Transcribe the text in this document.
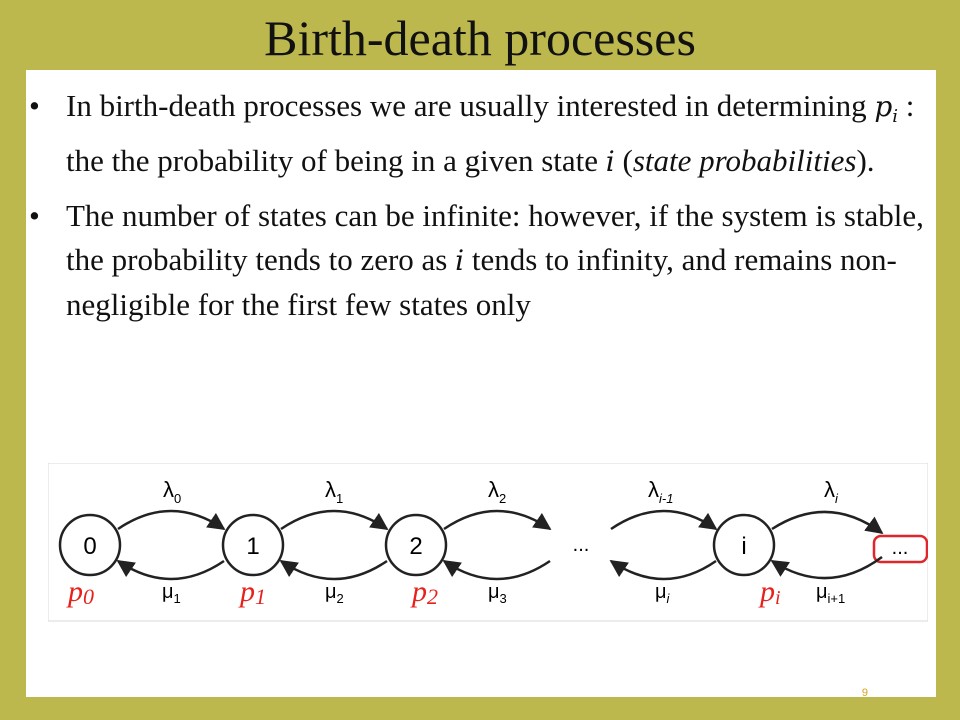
Birth-death processes
• In birth-death processes we are usually interested in determining $p_i$ : the the probability of being in a given state i (state probabilities).
• The number of states can be infinite: however, if the system is stable, the probability tends to zero as i tends to infinity, and remains non-negligible for the first few states only
0	1	2	...	i	...
$\lambda_0$	$\lambda_1$	$\lambda_2$	$\lambda_{i-1}$	$\lambda_i$
$\mu_1$	$\mu_2$	$\mu_3$	$\mu_i$	$\mu_{i+1}$
p0	p1	p2	pi
9
